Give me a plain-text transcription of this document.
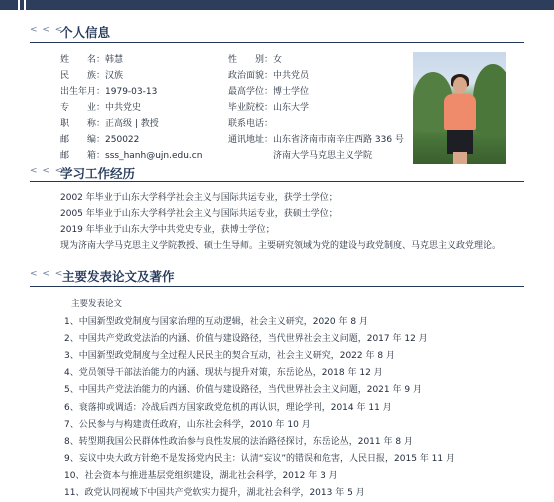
< < <
个人信息
姓　　名：韩慧
民　　族：汉族
出生年月：1979-03-13
专　　业：中共党史
职　　称：正高级 | 教授
邮　　编：250022
邮　　箱：sss_hanh@ujn.edu.cn
性　　别：女
政治面貌：中共党员
最高学位：博士学位
毕业院校：山东大学
联系电话：
通讯地址：山东省济南市南辛庄西路 336 号
济南大学马克思主义学院
< < <
学习工作经历
2002 年毕业于山东大学科学社会主义与国际共运专业，获学士学位；
2005 年毕业于山东大学科学社会主义与国际共运专业，获硕士学位；
2019 年毕业于山东大学中共党史专业，获博士学位；
现为济南大学马克思主义学院教授、硕士生导师。主要研究领域为党的建设与政党制度、马克思主义政党理论。
< < <
主要发表论文及著作
主要发表论文
1、中国新型政党制度与国家治理的互动逻辑，社会主义研究，2020 年 8 月
2、中国共产党政党法治的内涵、价值与建设路径，当代世界社会主义问题，2017 年 12 月
3、中国新型政党制度与全过程人民民主的契合互动，社会主义研究，2022 年 8 月
4、党员领导干部法治能力的内涵、现状与提升对策，东岳论丛，2018 年 12 月
5、中国共产党法治能力的内涵、价值与建设路径，当代世界社会主义问题，2021 年 9 月
6、衰落抑或调适：冷战后西方国家政党危机的再认识，理论学刊，2014 年 11 月
7、公民参与与构建责任政府，山东社会科学，2010 年 10 月
8、转型期我国公民群体性政治参与良性发展的法治路径探讨，东岳论丛，2011 年 8 月
9、妄议中央大政方针绝不是发扬党内民主：认清“妄议”的错误和危害，人民日报，2015 年 11 月
10、社会资本与推进基层党组织建设，湖北社会科学，2012 年 3 月
11、政党认同视域下中国共产党软实力提升，湖北社会科学，2013 年 5 月
